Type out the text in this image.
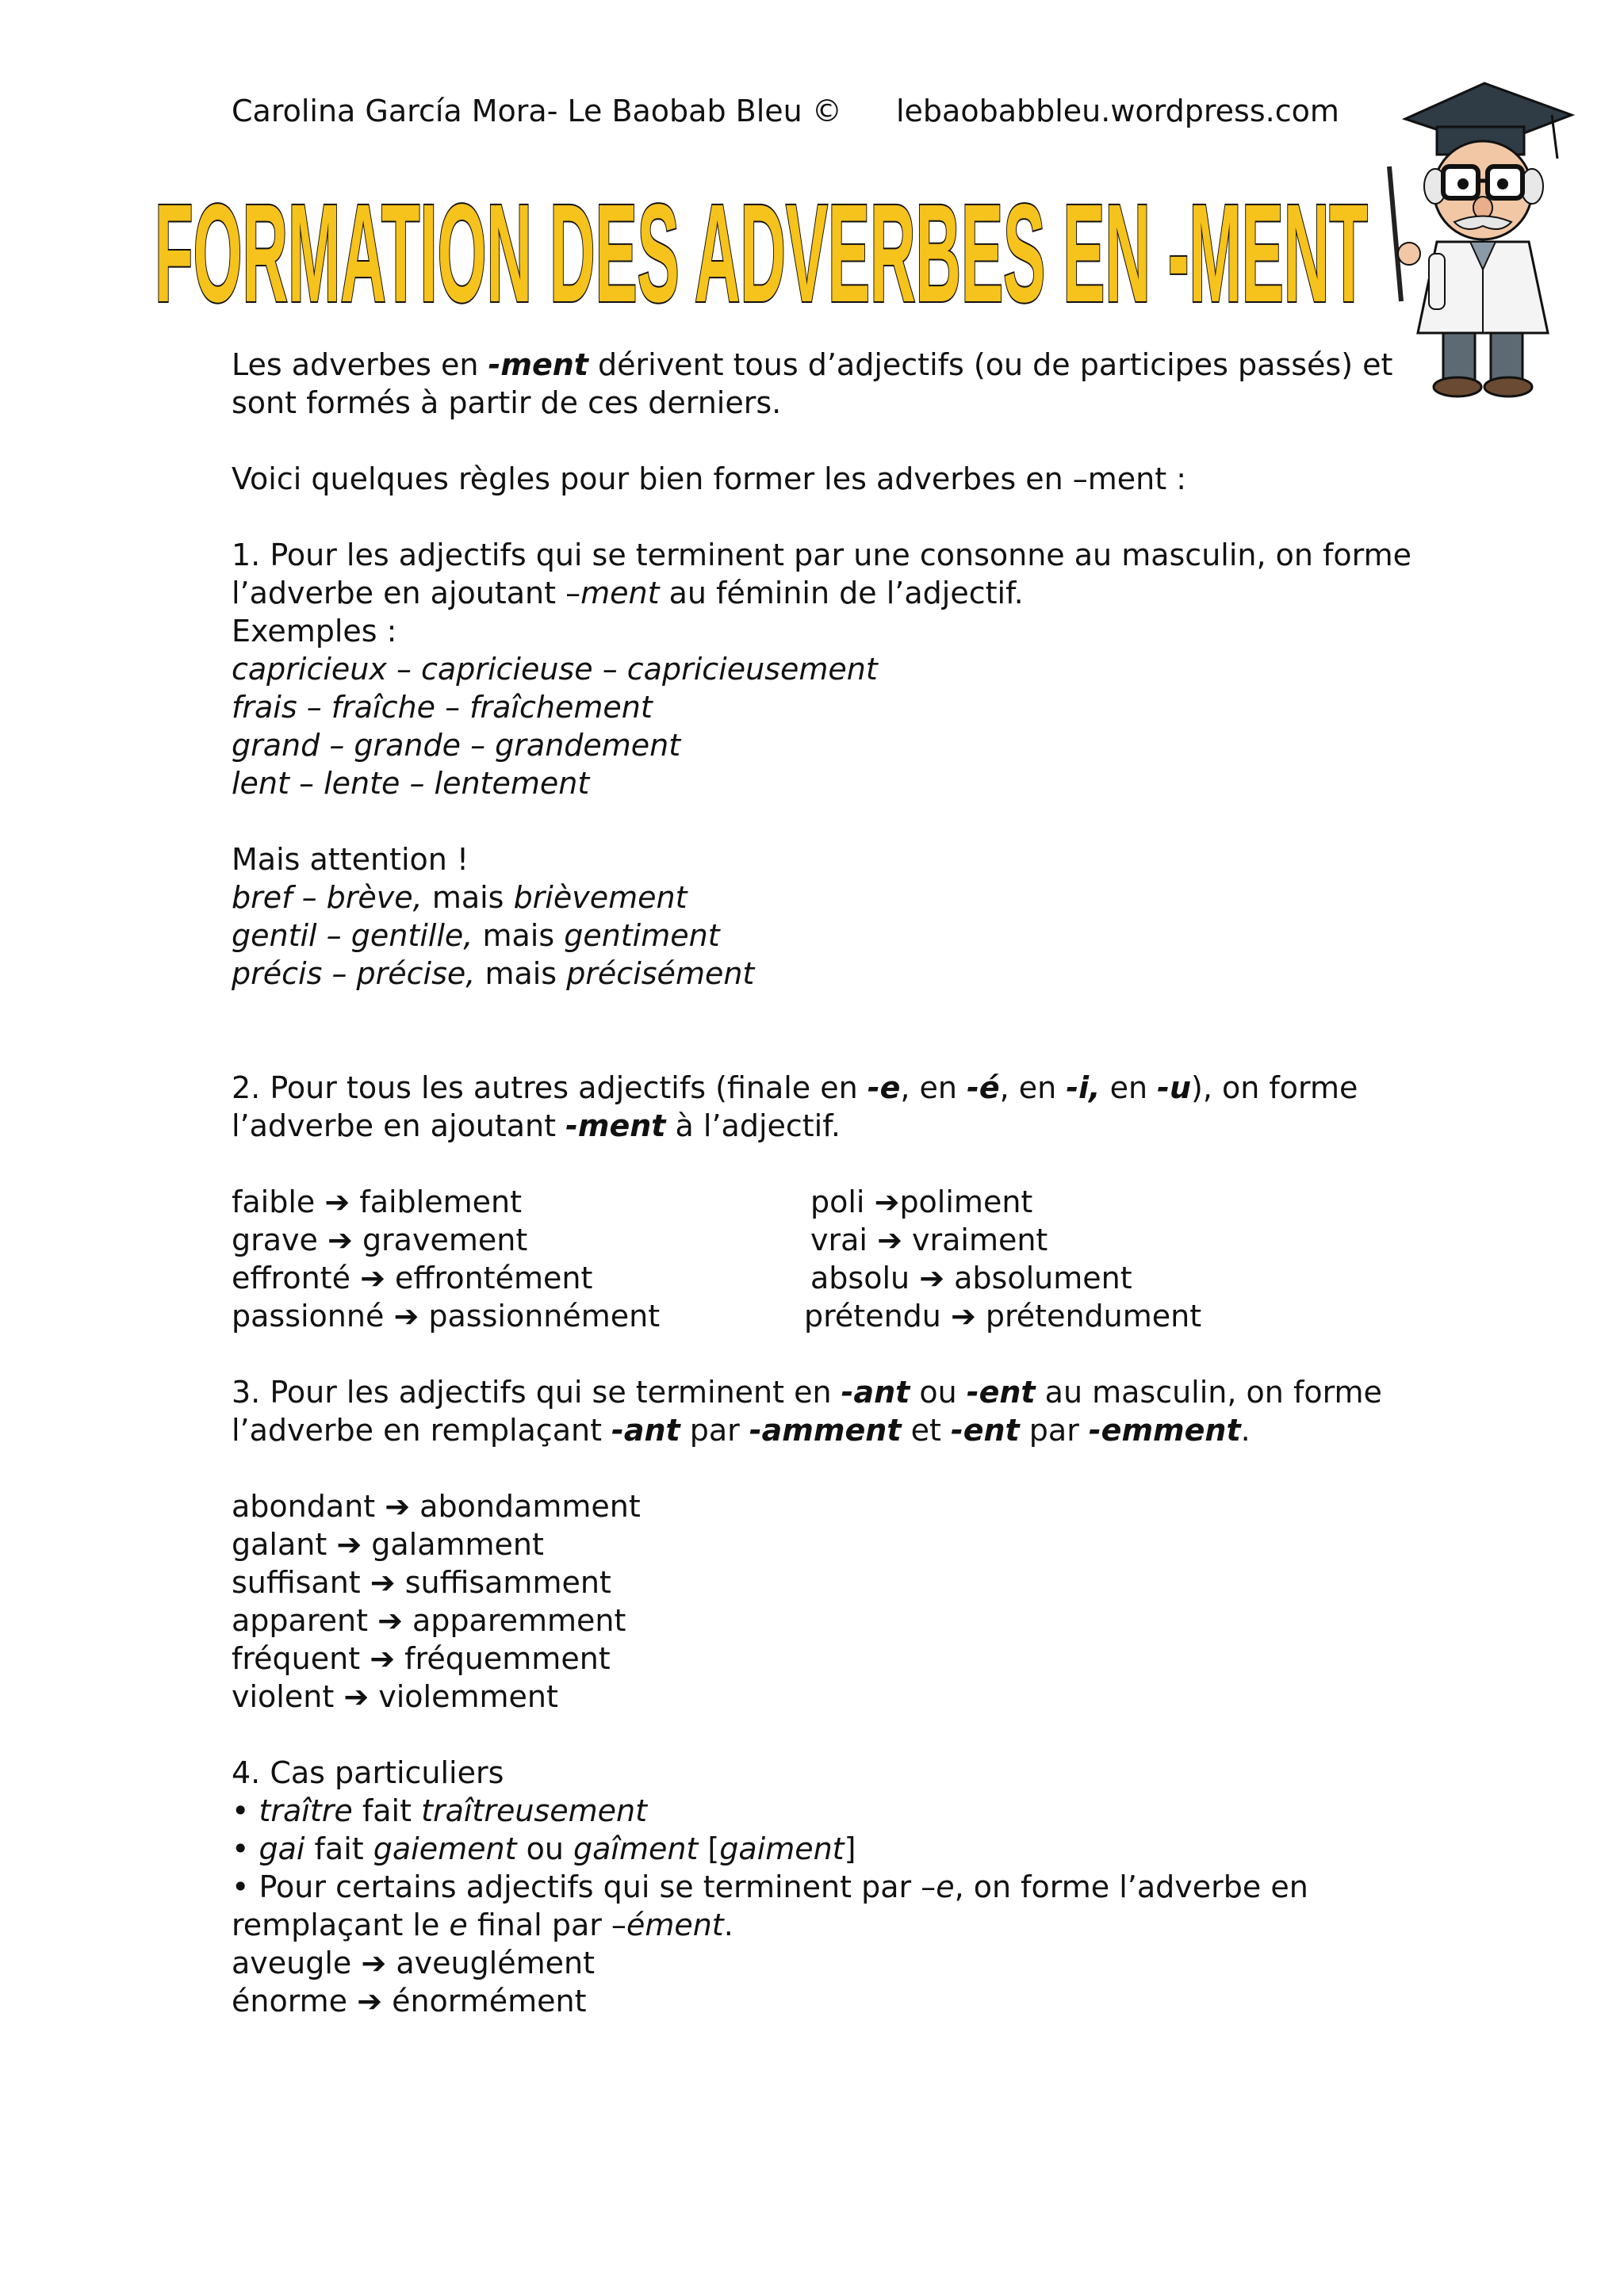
Carolina García Mora- Le Baobab Bleu © lebaobabbleu.wordpress.com
FORMATION DES ADVERBES EN -MENT

Les adverbes en -ment dérivent tous d’adjectifs (ou de participes passés) et

sont formés à partir de ces derniers.

Voici quelques règles pour bien former les adverbes en –ment :

1. Pour les adjectifs qui se terminent par une consonne au masculin, on forme

l’adverbe en ajoutant –ment au féminin de l’adjectif.

Exemples :

capricieux – capricieuse – capricieusement

frais – fraîche – fraîchement

grand – grande – grandement

lent – lente – lentement

Mais attention !

bref – brève, mais brièvement

gentil – gentille, mais gentiment

précis – précise, mais précisément

2. Pour tous les autres adjectifs (finale en -e, en -é, en -i, en -u), on forme

l’adverbe en ajoutant -ment à l’adjectif.

faible ➔ faiblement	poli ➔poliment
grave ➔ gravement	vrai ➔ vraiment
effronté ➔ effrontément	absolu ➔ absolument
passionné ➔ passionnément	prétendu ➔ prétendument

3. Pour les adjectifs qui se terminent en -ant ou -ent au masculin, on forme

l’adverbe en remplaçant -ant par -amment et -ent par -emment.

abondant ➔ abondamment

galant ➔ galamment

suffisant ➔ suffisamment

apparent ➔ apparemment

fréquent ➔ fréquemment

violent ➔ violemment

4. Cas particuliers

• traître fait traîtreusement

• gai fait gaiement ou gaîment [gaiment]

• Pour certains adjectifs qui se terminent par –e, on forme l’adverbe en

remplaçant le e final par –ément.

aveugle ➔ aveuglément

énorme ➔ énormément
